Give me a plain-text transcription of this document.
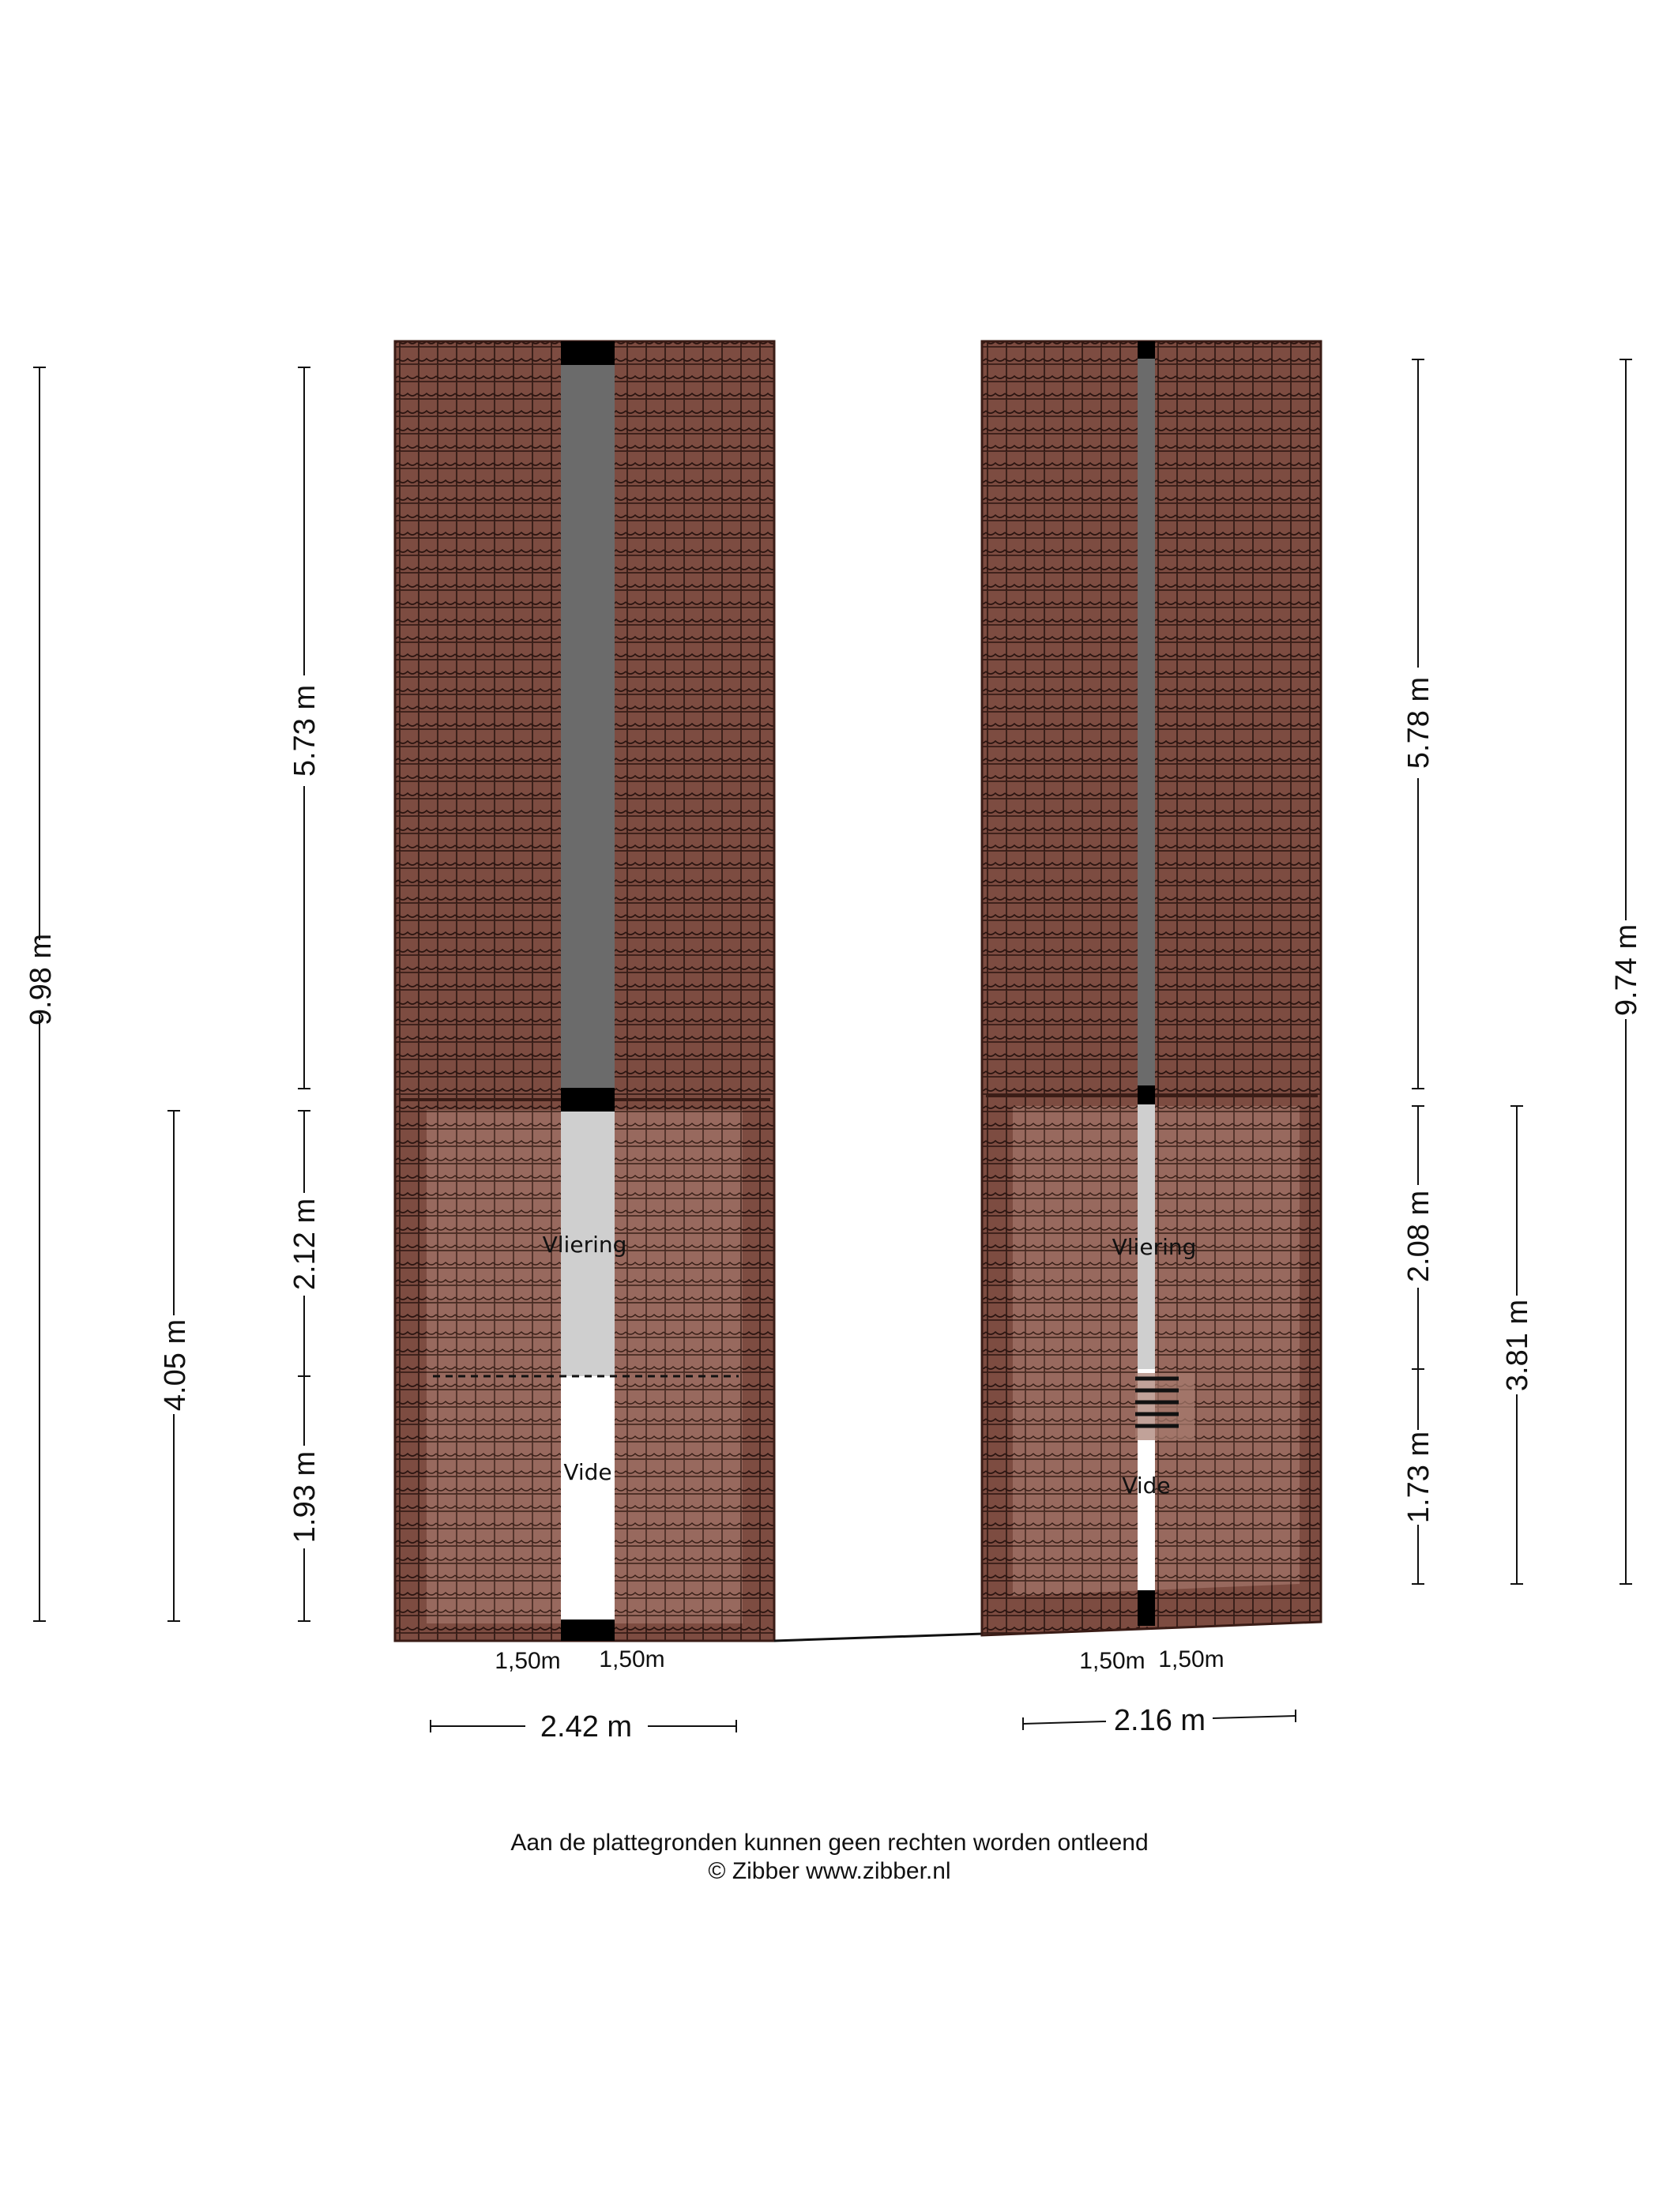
Vliering
Vide
Vliering
Vide
9.98 m
5.73 m
2.12 m
1.93 m
4.05 m
1,50m 1,50m
2.42 m
5.78 m
2.08 m
1.73 m
3.81 m
9.74 m
1,50m 1,50m
2.16 m
Aan de plattegronden kunnen geen rechten worden ontleend
© Zibber www.zibber.nl
